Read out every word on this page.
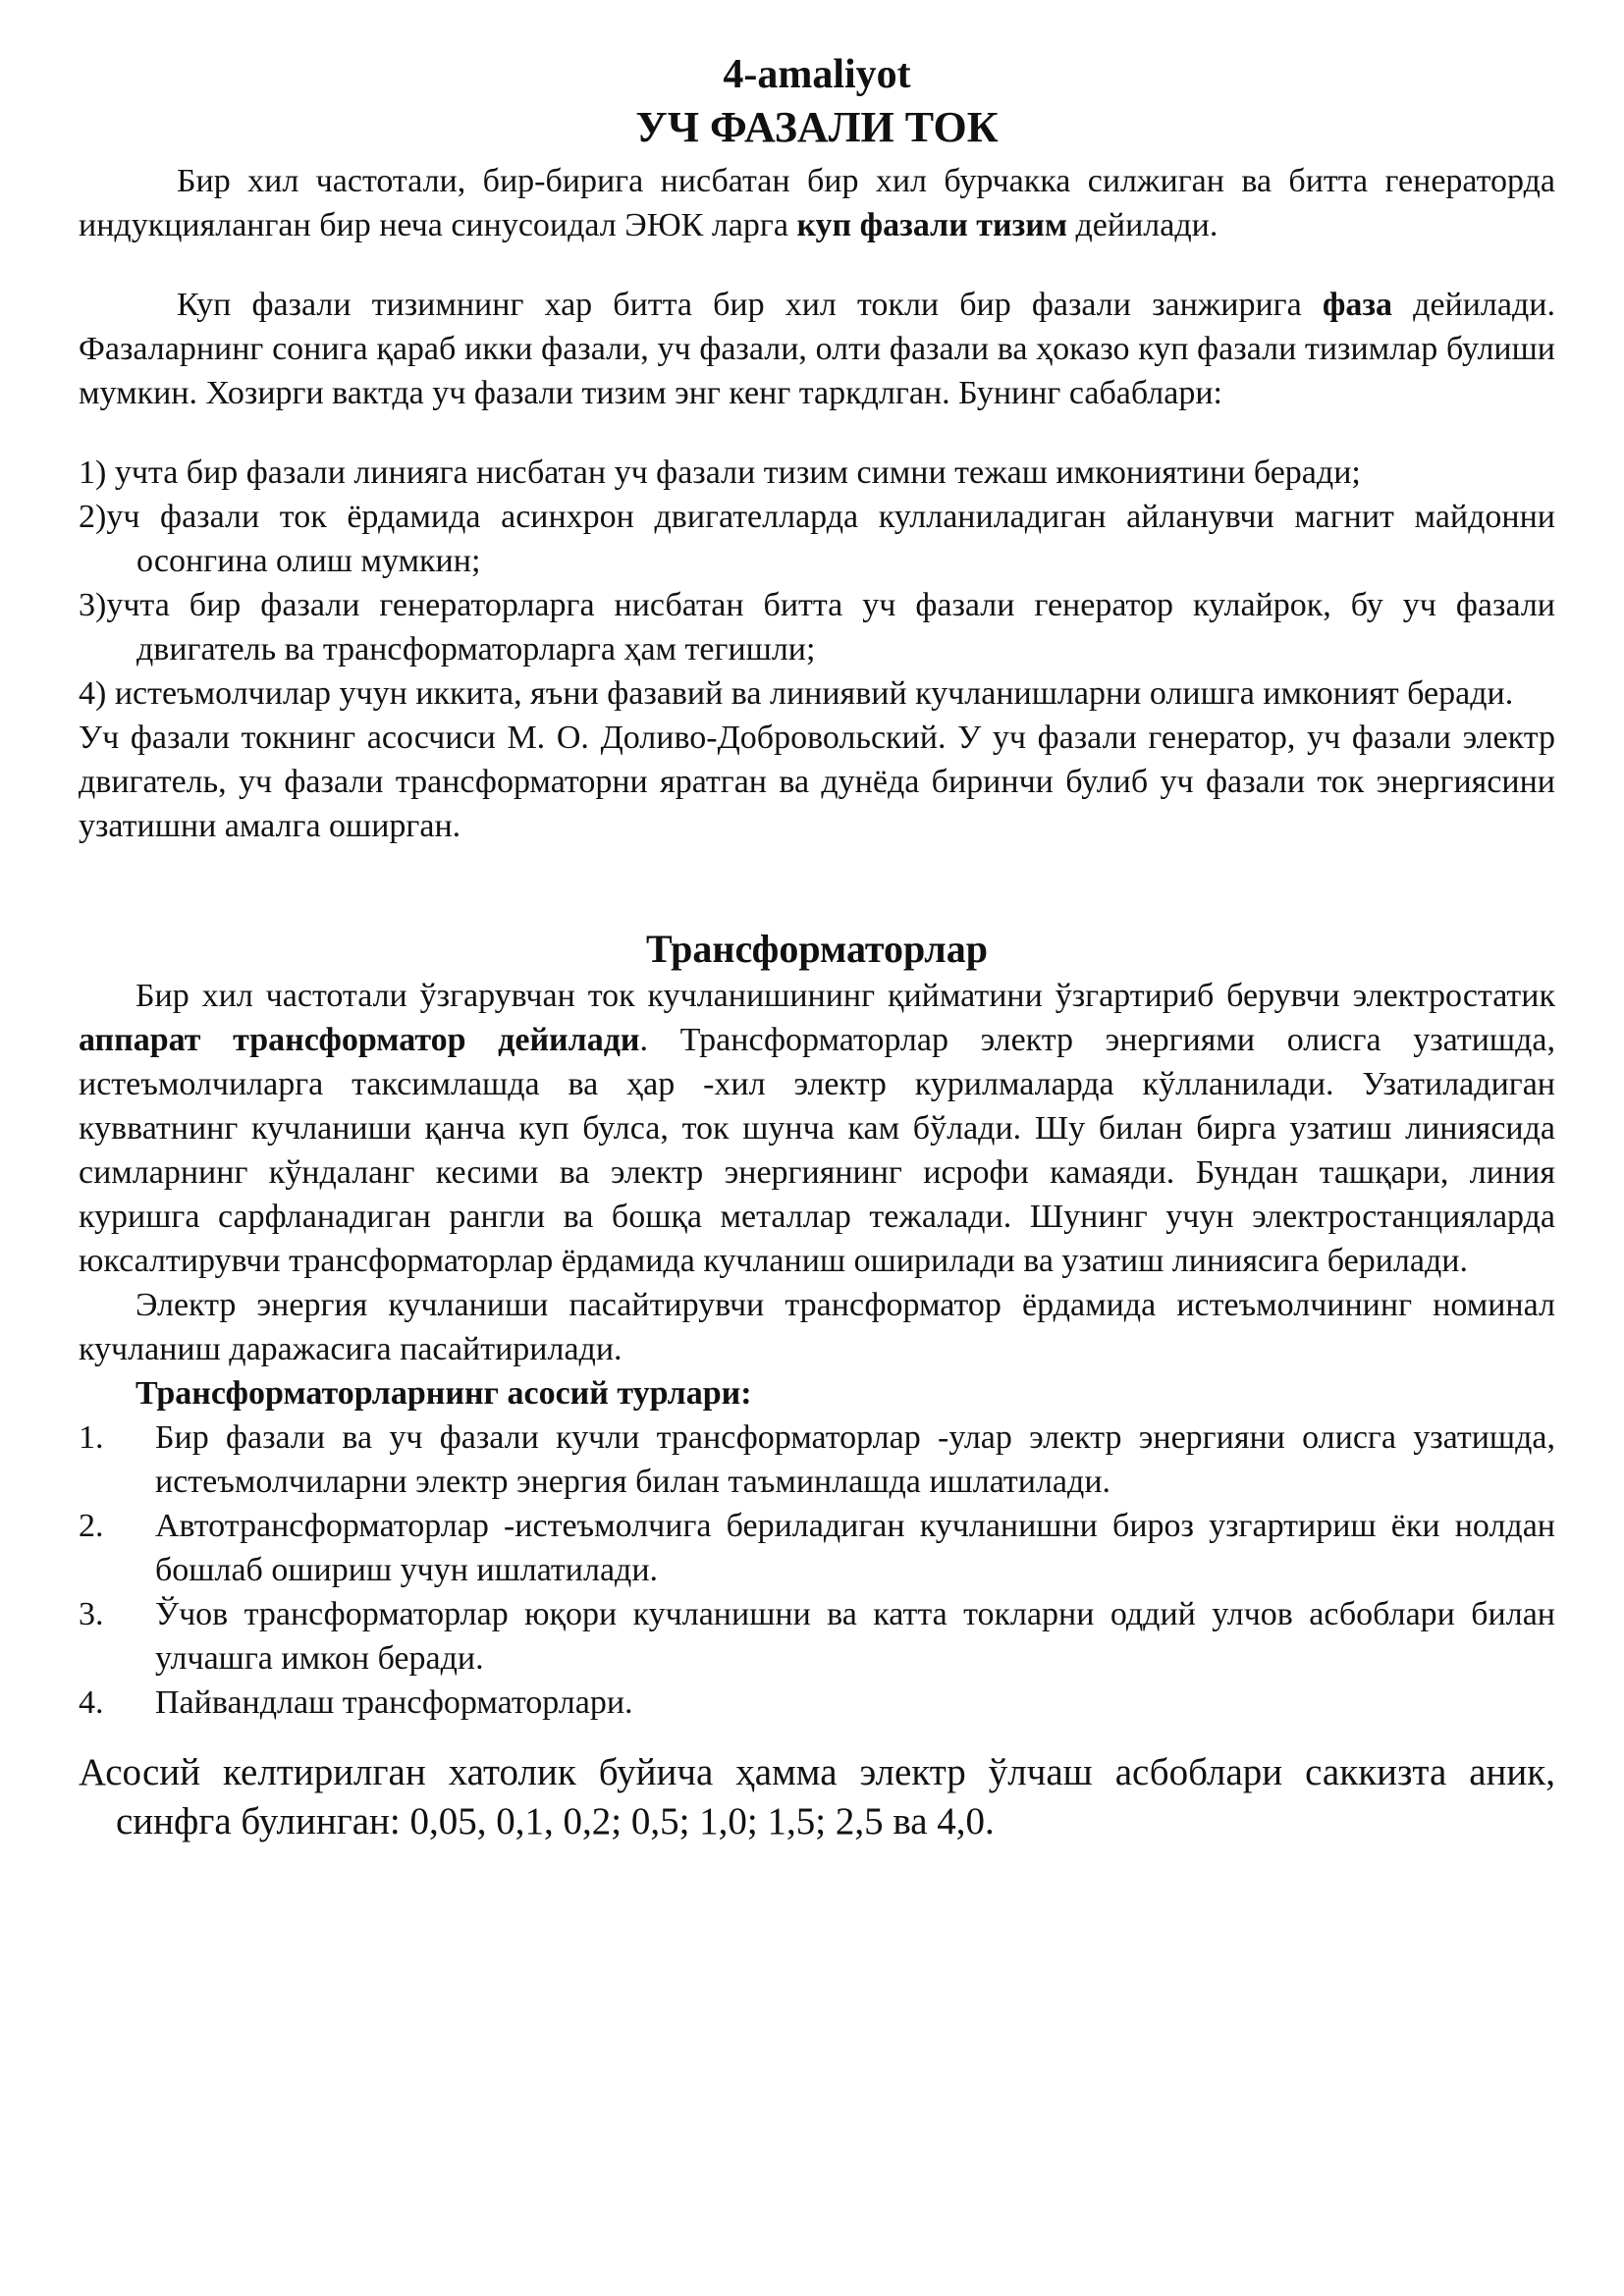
4-amaliyot
УЧ ФАЗАЛИ ТОК

Бир хил частотали, бир-бирига нисбатан бир хил бурчакка силжиган ва битта генераторда индукцияланган бир неча синусоидал ЭЮК ларга куп фазали тизим дейилади.

Куп фазали тизимнинг хар битта бир хил токли бир фазали занжирига фаза дейилади. Фазаларнинг сонига қараб икки фазали, уч фазали, олти фазали ва ҳоказо куп фазали тизимлар булиши мумкин. Хозирги вактда уч фазали тизим энг кенг таркдлган. Бунинг сабаблари:

1) учта бир фазали линияга нисбатан уч фазали тизим симни тежаш имкониятини беради;
2)уч фазали ток ёрдамида асинхрон двигателларда кулланиладиган айланувчи магнит майдонни осонгина олиш мумкин;
3)учта бир фазали генераторларга нисбатан битта уч фазали генератор кулайрок, бу уч фазали двигатель ва трансформаторларга ҳам тегишли;
4) истеъмолчилар учун иккита, яъни фазавий ва линиявий кучланишларни олишга имконият беради.

Уч фазали токнинг асосчиси М. О. Доливо-Добровольский. У уч фазали генератор, уч фазали электр двигатель, уч фазали трансформаторни яратган ва дунёда биринчи булиб уч фазали ток энергиясини узатишни амалга оширган.

Трансформаторлар

Бир хил частотали ўзгарувчан ток кучланишининг қийматини ўзгартириб берувчи электростатик аппарат трансформатор дейилади. Трансформаторлар электр энергиями олисга узатишда, истеъмолчиларга таксимлашда ва ҳар -хил электр курилмаларда кўлланилади. Узатиладиган кувватнинг кучланиши қанча куп булса, ток шунча кам бўлади. Шу билан бирга узатиш линиясида симларнинг кўндаланг кесими ва электр энергиянинг исрофи камаяди. Бундан ташқари, линия куришга сарфланадиган рангли ва бошқа металлар тежалади. Шунинг учун электростанцияларда юксалтирувчи трансформаторлар ёрдамида кучланиш оширилади ва узатиш линиясига берилади.

Электр энергия кучланиши пасайтирувчи трансформатор ёрдамида истеъмолчининг номинал кучланиш даражасига пасайтирилади.

Трансформаторларнинг асосий турлари:
1.	Бир фазали ва уч фазали кучли трансформаторлар -улар электр энергияни олисга узатишда, истеъмолчиларни электр энергия билан таъминлашда ишлатилади.
2.	Автотрансформаторлар -истеъмолчига бериладиган кучланишни бироз узгартириш ёки нолдан бошлаб ошириш учун ишлатилади.
3.	Ўчов трансформаторлар юқори кучланишни ва катта токларни оддий улчов асбоблари билан улчашга имкон беради.
4.	Пайвандлаш трансформаторлари.

Асосий келтирилган хатолик буйича ҳамма электр ўлчаш асбоблари саккизта аник, синфга булинган: 0,05, 0,1, 0,2; 0,5; 1,0; 1,5; 2,5 ва 4,0.
